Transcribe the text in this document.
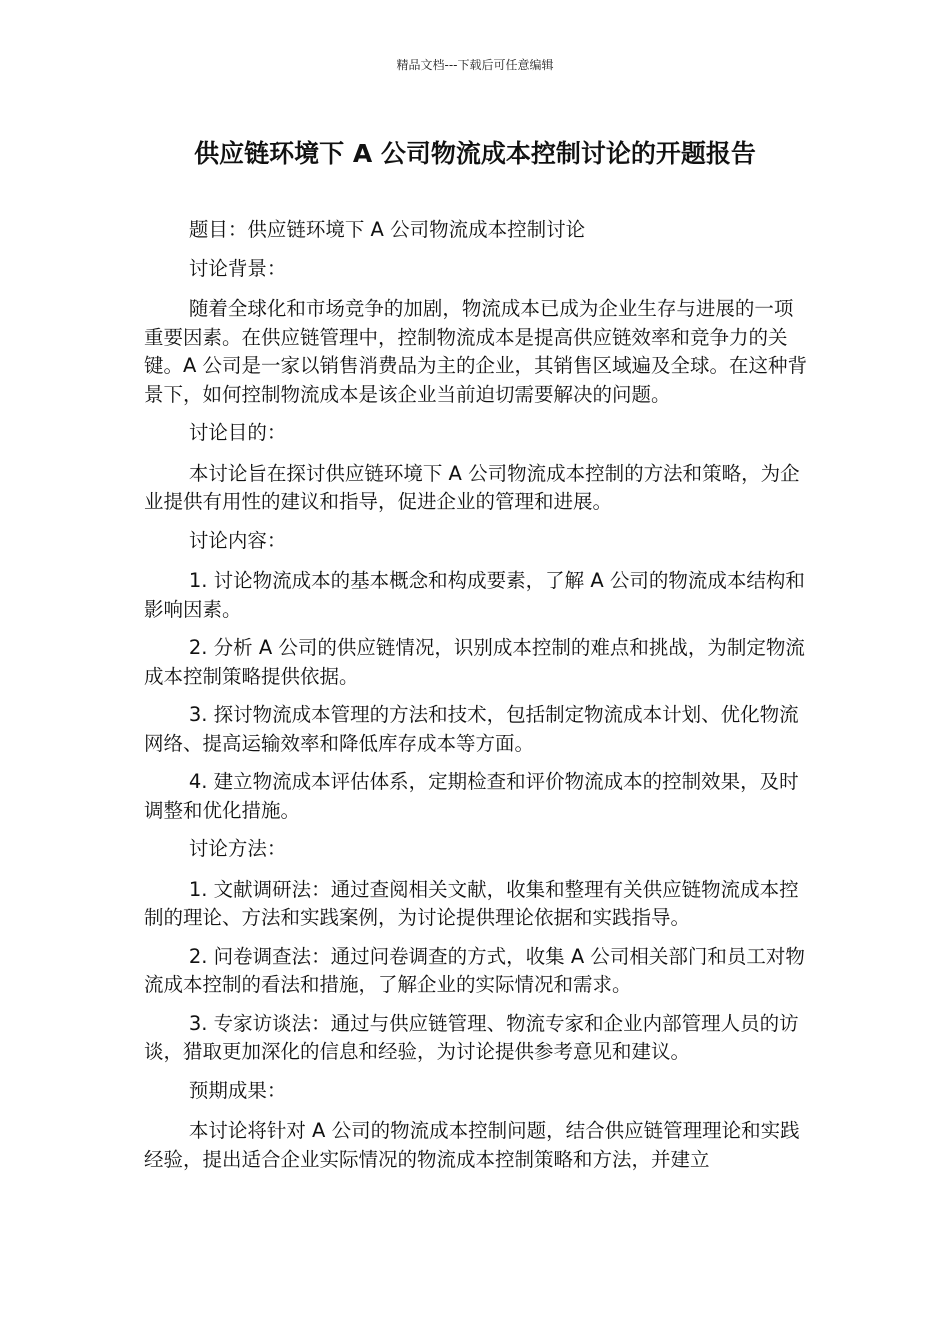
精品文档---下载后可任意编辑
供应链环境下 A 公司物流成本控制讨论的开题报告

题目：供应链环境下 A 公司物流成本控制讨论

讨论背景：

随着全球化和市场竞争的加剧，物流成本已成为企业生存与进展的一项重要因素。在供应链管理中，控制物流成本是提高供应链效率和竞争力的关键。A 公司是一家以销售消费品为主的企业，其销售区域遍及全球。在这种背景下，如何控制物流成本是该企业当前迫切需要解决的问题。

讨论目的：

本讨论旨在探讨供应链环境下 A 公司物流成本控制的方法和策略，为企业提供有用性的建议和指导，促进企业的管理和进展。

讨论内容：

1. 讨论物流成本的基本概念和构成要素，了解 A 公司的物流成本结构和影响因素。

2. 分析 A 公司的供应链情况，识别成本控制的难点和挑战，为制定物流成本控制策略提供依据。

3. 探讨物流成本管理的方法和技术，包括制定物流成本计划、优化物流网络、提高运输效率和降低库存成本等方面。

4. 建立物流成本评估体系，定期检查和评价物流成本的控制效果，及时调整和优化措施。

讨论方法：

1. 文献调研法：通过查阅相关文献，收集和整理有关供应链物流成本控制的理论、方法和实践案例，为讨论提供理论依据和实践指导。

2. 问卷调查法：通过问卷调查的方式，收集 A 公司相关部门和员工对物流成本控制的看法和措施，了解企业的实际情况和需求。

3. 专家访谈法：通过与供应链管理、物流专家和企业内部管理人员的访谈，猎取更加深化的信息和经验，为讨论提供参考意见和建议。

预期成果：

本讨论将针对 A 公司的物流成本控制问题，结合供应链管理理论和实践经验，提出适合企业实际情况的物流成本控制策略和方法，并建立
